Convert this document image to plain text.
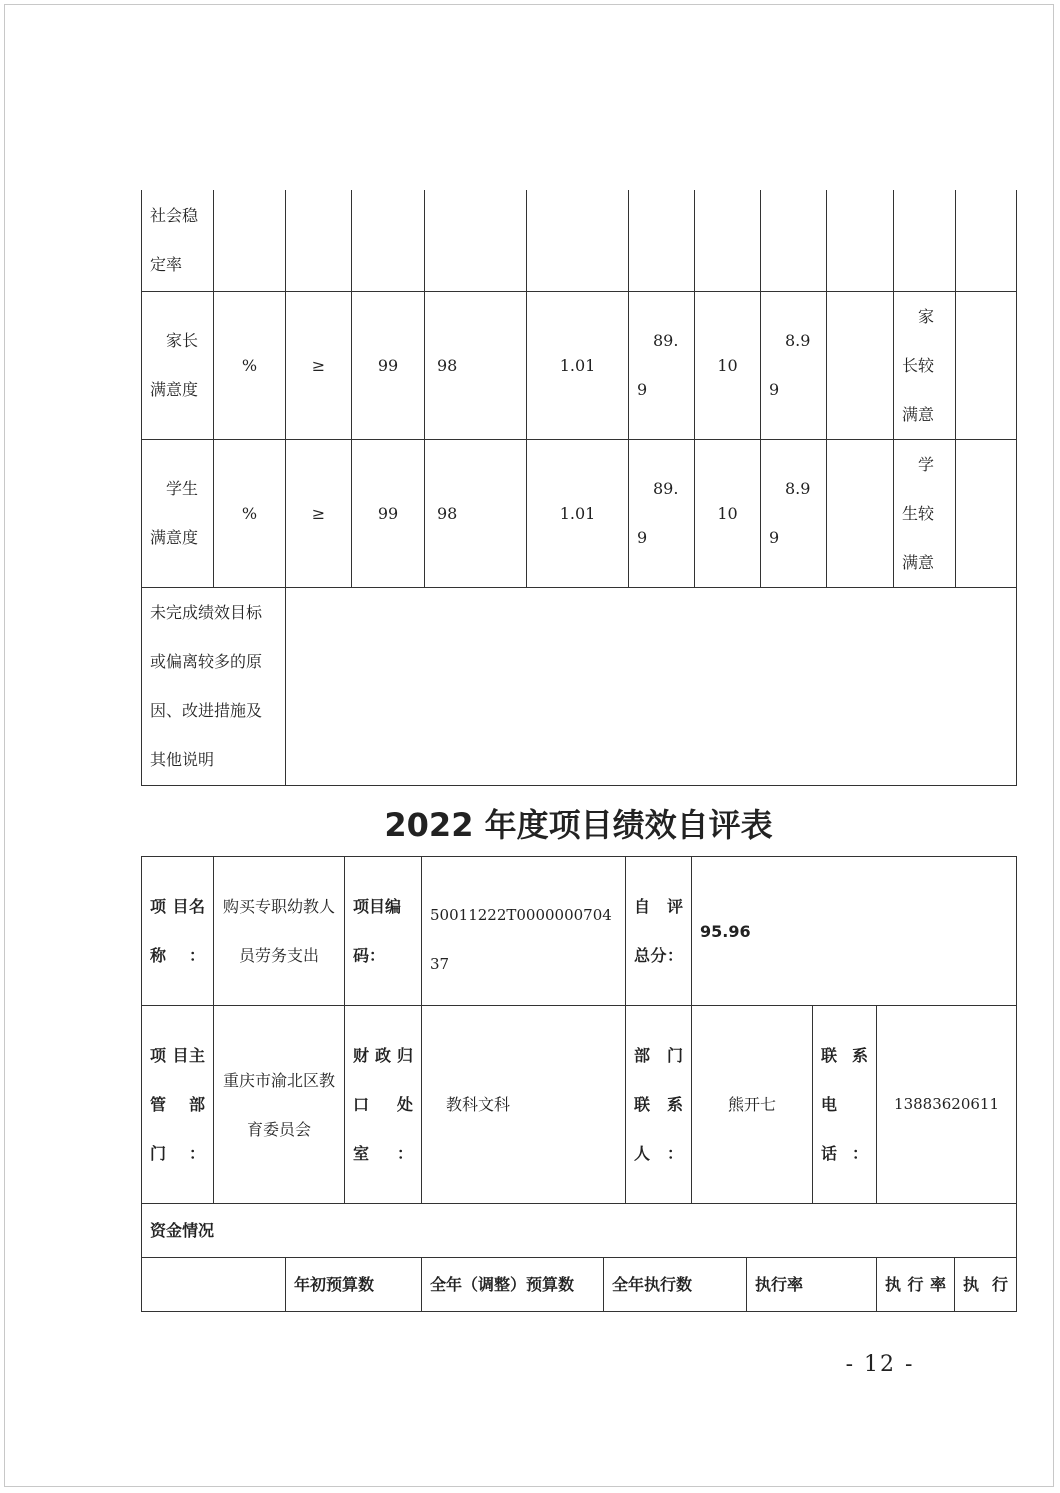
社会稳定率											
家长满意度	%	≥	99	98	1.01	89.9	10	8.99		家长较满意	
学生满意度	%	≥	99	98	1.01	89.9	10	8.99		学生较满意	
未完成绩效目标或偏离较多的原因、改进措施及其他说明											
2022 年度项目绩效自评表
项 目名称：	购买专职幼教人员劳务支出		项目编码：	50011222T000000070437		自 评总分：	95.96				
项 目主 管部门：	重庆市渝北区教育委员会		财政归口 处室：	教科文科		部 门联 系人：	熊开七		联 系电 话：	13883620611	
资金情况											
		年初预算数		全年（调整）预算数	全年执行数			执行率		执行率	执行
- 12 -
